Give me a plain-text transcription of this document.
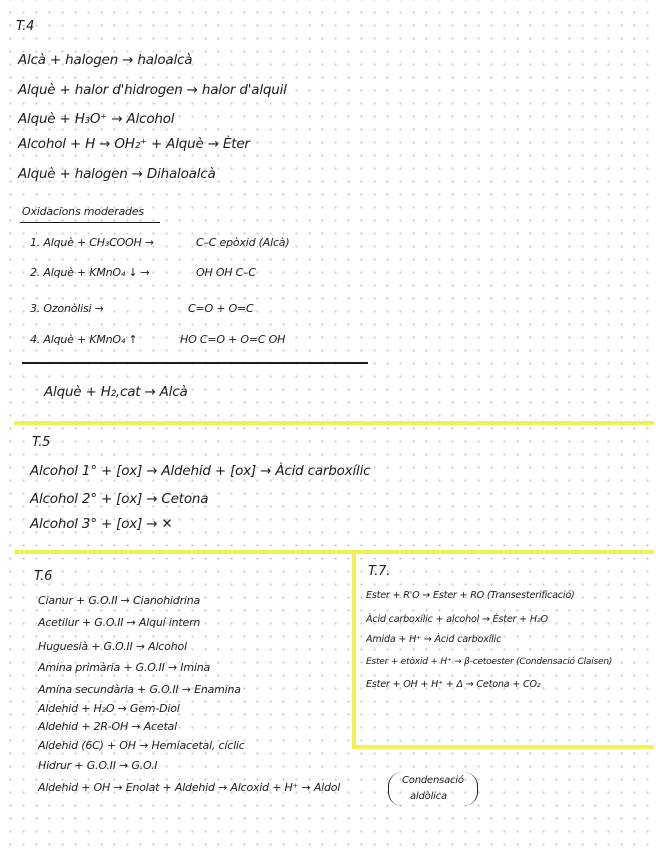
T.4
Alcà + halogen → haloalcà
Alquè + halor d'hidrogen → halor d'alquil
Alquè + H₃O⁺ → Alcohol
Alcohol + H → OH₂⁺ + Alquè → Èter
Alquè + halogen → Dihaloalcà
Oxidacions moderades
1. Alquè + CH₃COOH →	C–C epòxid (Alcà)
2. Alquè + KMnO₄ ↓ →	OH OH C–C
3. Ozonòlisi →	C=O + O=C
4. Alquè + KMnO₄ ↑	HO C=O + O=C OH
Alquè + H₂,cat → Alcà
T.5
Alcohol 1° + [ox] → Aldehid + [ox] → Àcid carboxílic
Alcohol 2° + [ox] → Cetona
Alcohol 3° + [ox] → ✕
T.6
Cianur + G.O.II → Cianohidrina
Acetilur + G.O.II → Alquí intern
Huguesià + G.O.II → Alcohol
Amina primària + G.O.II → Imina
Amina secundària + G.O.II → Enamina
Aldehid + H₂O → Gem-Diol
Aldehid + 2R-OH → Acetal
Aldehid (6C) + OH → Hemiacetal, cíclic
Hidrur + G.O.II → G.O.I
Aldehid + OH → Enolat + Aldehid → Alcoxid + H⁺ → Aldol
Condensació
aldòlica
T.7.
Ester + R'O → Ester + RO (Transesterificació)
Àcid carboxílic + alcohol → Èster + H₂O
Amida + H⁺ → Àcid carboxílic
Ester + etòxid + H⁺ → β-cetoester (Condensació Claisen)
Ester + OH + H⁺ + Δ → Cetona + CO₂
